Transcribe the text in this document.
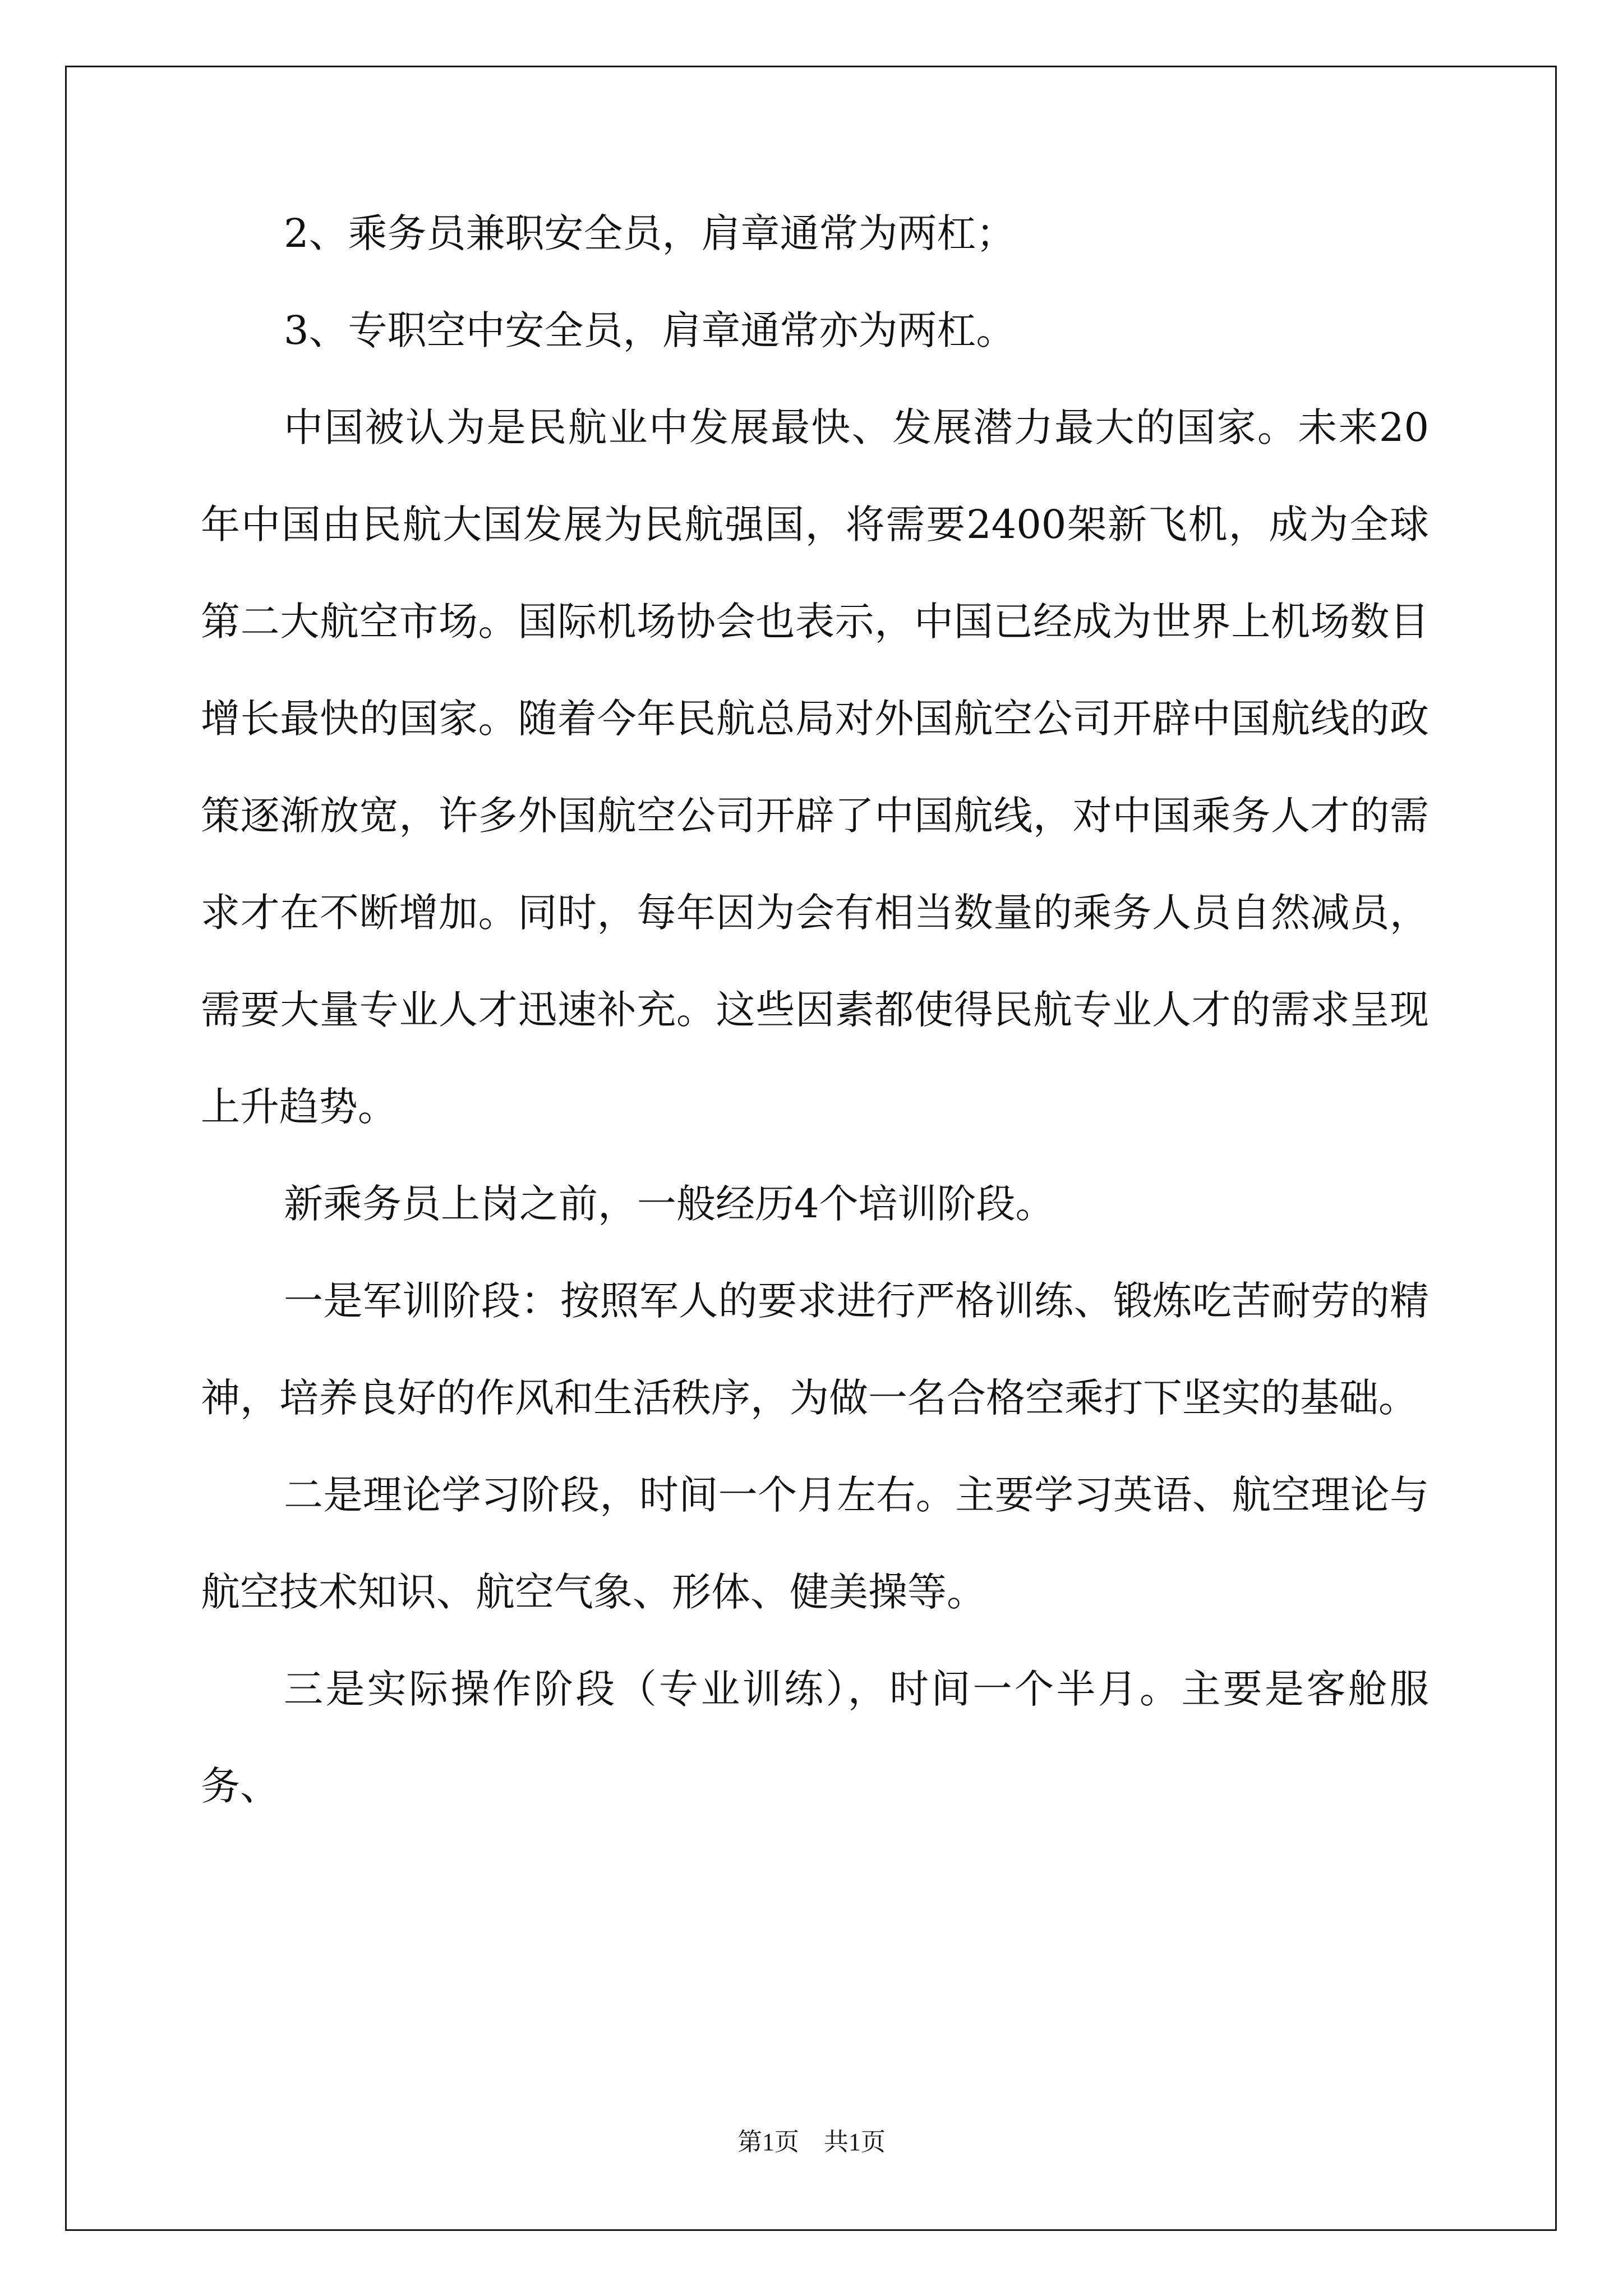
2、乘务员兼职安全员，肩章通常为两杠；

3、专职空中安全员，肩章通常亦为两杠。

中国被认为是民航业中发展最快、发展潜力最大的国家。未来20年中国由民航大国发展为民航强国，将需要2400架新飞机，成为全球第二大航空市场。国际机场协会也表示，中国已经成为世界上机场数目增长最快的国家。随着今年民航总局对外国航空公司开辟中国航线的政策逐渐放宽，许多外国航空公司开辟了中国航线，对中国乘务人才的需求才在不断增加。同时，每年因为会有相当数量的乘务人员自然减员，需要大量专业人才迅速补充。这些因素都使得民航专业人才的需求呈现上升趋势。

新乘务员上岗之前，一般经历4个培训阶段。

一是军训阶段：按照军人的要求进行严格训练、锻炼吃苦耐劳的精神，培养良好的作风和生活秩序，为做一名合格空乘打下坚实的基础。

二是理论学习阶段，时间一个月左右。主要学习英语、航空理论与航空技术知识、航空气象、形体、健美操等。

三是实际操作阶段（专业训练），时间一个半月。主要是客舱服务、

第1页　共1页
